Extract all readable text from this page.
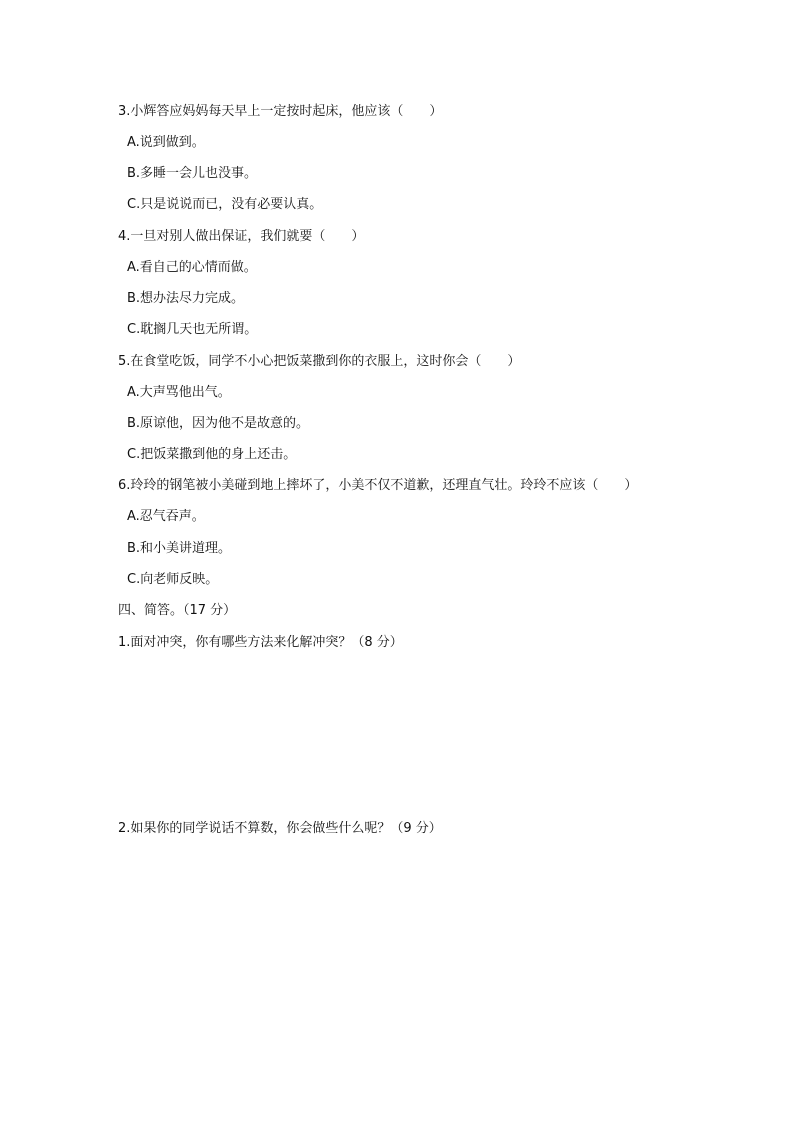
3.小辉答应妈妈每天早上一定按时起床，他应该（　　）
A.说到做到。
B.多睡一会儿也没事。
C.只是说说而已，没有必要认真。
4.一旦对别人做出保证，我们就要（　　）
A.看自己的心情而做。
B.想办法尽力完成。
C.耽搁几天也无所谓。
5.在食堂吃饭，同学不小心把饭菜撒到你的衣服上，这时你会（　　）
A.大声骂他出气。
B.原谅他，因为他不是故意的。
C.把饭菜撒到他的身上还击。
6.玲玲的钢笔被小美碰到地上摔坏了，小美不仅不道歉，还理直气壮。玲玲不应该（　　）
A.忍气吞声。
B.和小美讲道理。
C.向老师反映。
四、简答。（17 分）
1.面对冲突，你有哪些方法来化解冲突？（8 分）
2.如果你的同学说话不算数，你会做些什么呢？（9 分）
